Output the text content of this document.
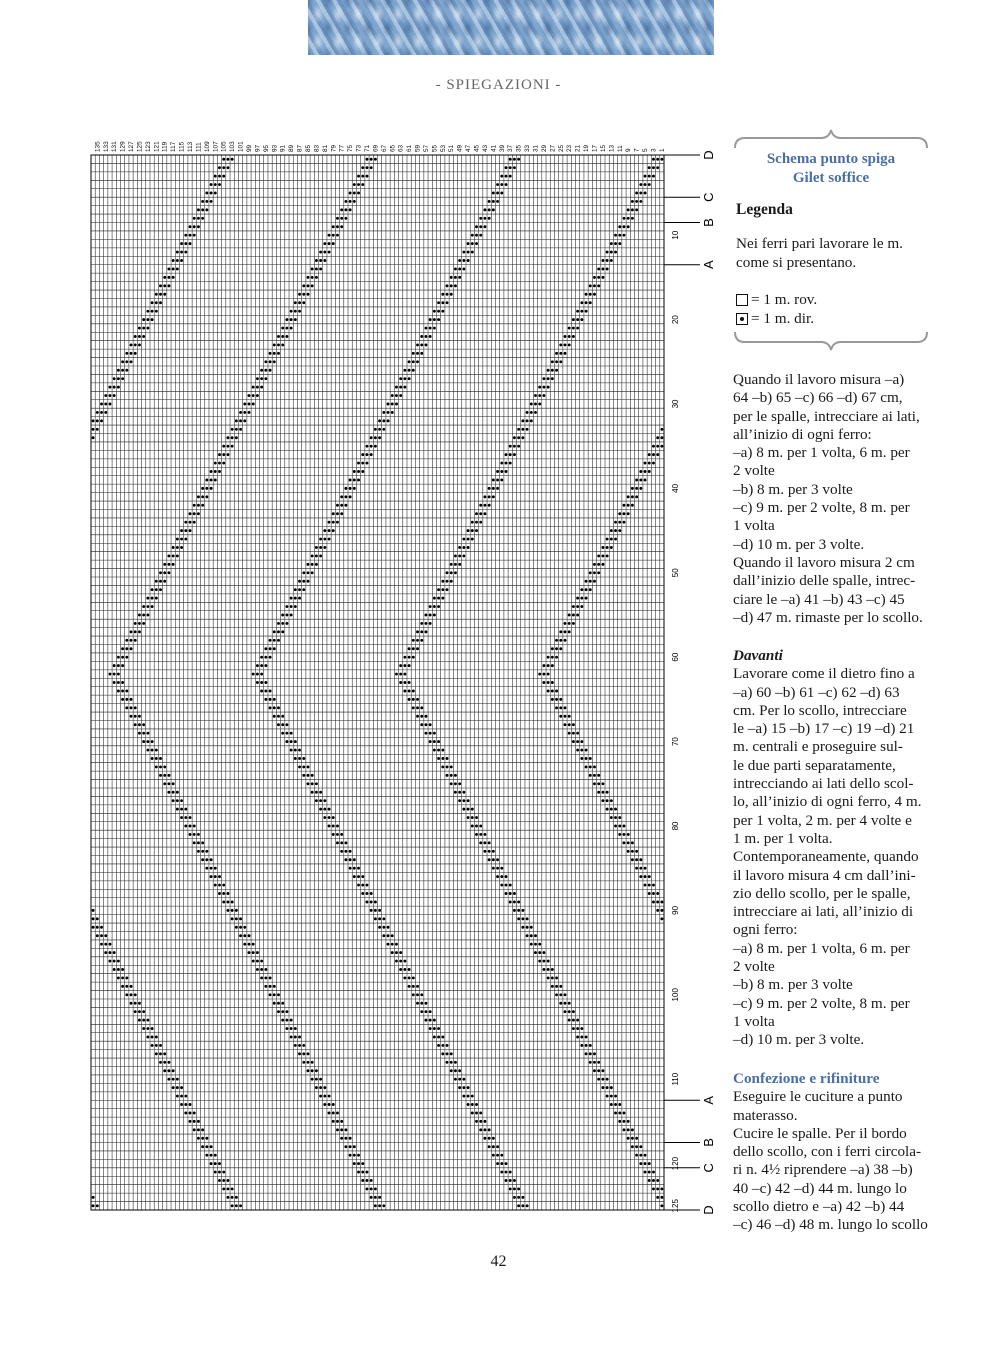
- SPIEGAZIONI -
1
3
5
7
9
11
13
15
17
19
21
23
25
27
29
31
33
35
37
39
41
43
45
47
49
51
53
55
57
59
61
63
65
67
69
71
73
75
77
79
81
83
85
87
89
91
93
95
97
99
101
103
105
107
109
111
113
115
117
119
121
123
125
127
129
131
133
135
10
20
30
40
50
60
70
80
90
100
110
120
125
D
C
B
A
A
B
C
D
Schema punto spiga
Gilet soffice
Legenda
Nei ferri pari lavorare le m. come si presentano.
= 1 m. rov.
= 1 m. dir.

Quando il lavoro misura –a)

64 –b) 65 –c) 66 –d) 67 cm,

per le spalle, intrecciare ai lati,

all’inizio di ogni ferro:

–a) 8 m. per 1 volta, 6 m. per

2 volte

–b) 8 m. per 3 volte

–c) 9 m. per 2 volte, 8 m. per

1 volta

–d) 10 m. per 3 volte.

Quando il lavoro misura 2 cm

dall’inizio delle spalle, intrec-

ciare le –a) 41 –b) 43 –c) 45

–d) 47 m. rimaste per lo scollo.

Davanti

Lavorare come il dietro fino a

–a) 60 –b) 61 –c) 62 –d) 63

cm. Per lo scollo, intrecciare

le –a) 15 –b) 17 –c) 19 –d) 21

m. centrali e proseguire sul-

le due parti separatamente,

intrecciando ai lati dello scol-

lo, all’inizio di ogni ferro, 4 m.

per 1 volta, 2 m. per 4 volte e

1 m. per 1 volta.

Contemporaneamente, quando

il lavoro misura 4 cm dall’ini-

zio dello scollo, per le spalle,

intrecciare ai lati, all’inizio di

ogni ferro:

–a) 8 m. per 1 volta, 6 m. per

2 volte

–b) 8 m. per 3 volte

–c) 9 m. per 2 volte, 8 m. per

1 volta

–d) 10 m. per 3 volte.

Confezione e rifiniture

Eseguire le cuciture a punto

materasso.

Cucire le spalle. Per il bordo

dello scollo, con i ferri circola-

ri n. 4½ riprendere –a) 38 –b)

40 –c) 42 –d) 44 m. lungo lo

scollo dietro e –a) 42 –b) 44

–c) 46 –d) 48 m. lungo lo scollo

42
